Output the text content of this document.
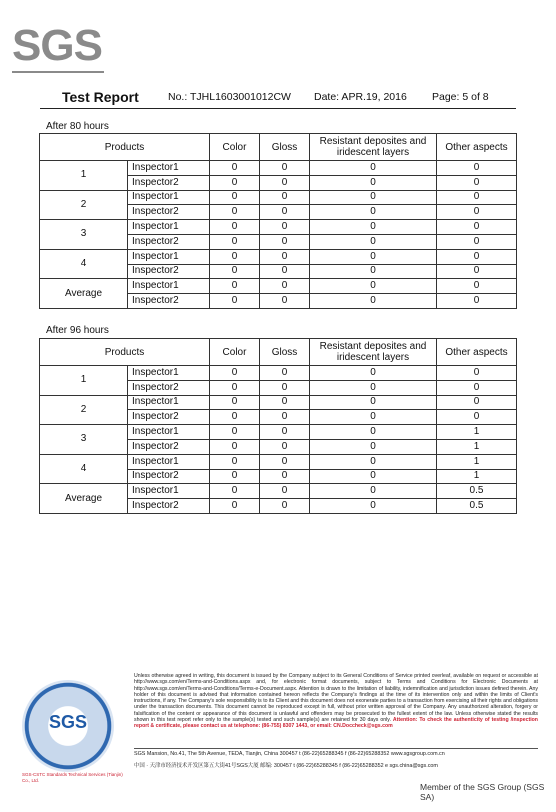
SGS
Test Report	No.: TJHL1603001012CW Date: APR.19, 2016 Page: 5 of 8
After 80 hours
After 96 hours
Products		Color	Gloss	Resistant deposites and iridescent layers	Other aspects
1	Inspector1	0	0	0	0
	Inspector2	0	0	0	0
2	Inspector1	0	0	0	0
	Inspector2	0	0	0	0
3	Inspector1	0	0	0	0
	Inspector2	0	0	0	0
4	Inspector1	0	0	0	0
	Inspector2	0	0	0	0
Average	Inspector1	0	0	0	0
	Inspector2	0	0	0	0
Products		Color	Gloss	Resistant deposites and iridescent layers	Other aspects
1	Inspector1	0	0	0	0
	Inspector2	0	0	0	0
2	Inspector1	0	0	0	0
	Inspector2	0	0	0	0
3	Inspector1	0	0	0	1
	Inspector2	0	0	0	1
4	Inspector1	0	0	0	1
	Inspector2	0	0	0	1
Average	Inspector1	0	0	0	0.5
	Inspector2	0	0	0	0.5
SGS
SGS-CSTC Standards Technical Services (Tianjin) Co., Ltd.
Unless otherwise agreed in writing, this document is issued by the Company subject to its General Conditions of Service printed overleaf, available on request or accessible at http://www.sgs.com/en/Terms-and-Conditions.aspx and, for electronic format documents, subject to Terms and Conditions for Electronic Documents at http://www.sgs.com/en/Terms-and-Conditions/Terms-e-Document.aspx. Attention is drawn to the limitation of liability, indemnification and jurisdiction issues defined therein. Any holder of this document is advised that information contained hereon reflects the Company's findings at the time of its intervention only and within the limits of Client's instructions, if any. The Company's sole responsibility is to its Client and this document does not exonerate parties to a transaction from exercising all their rights and obligations under the transaction documents. This document cannot be reproduced except in full, without prior written approval of the Company. Any unauthorized alteration, forgery or falsification of the content or appearance of this document is unlawful and offenders may be prosecuted to the fullest extent of the law. Unless otherwise stated the results shown in this test report refer only to the sample(s) tested and such sample(s) are retained for 30 days only. Attention: To check the authenticity of testing /inspection report & certificate, please contact us at telephone: (86-755) 8307 1443, or email: CN.Doccheck@sgs.com
SGS Mansion, No.41, The 5th Avenue, TEDA, Tianjin, China 300457 t (86-22)65288345 f (86-22)65288352 www.sgsgroup.com.cn
中国 · 天津市经济技术开发区第五大街41号SGS大厦 邮编: 300457 t (86-22)65288345 f (86-22)65288352 e sgs.china@sgs.com
Member of the SGS Group (SGS SA)
